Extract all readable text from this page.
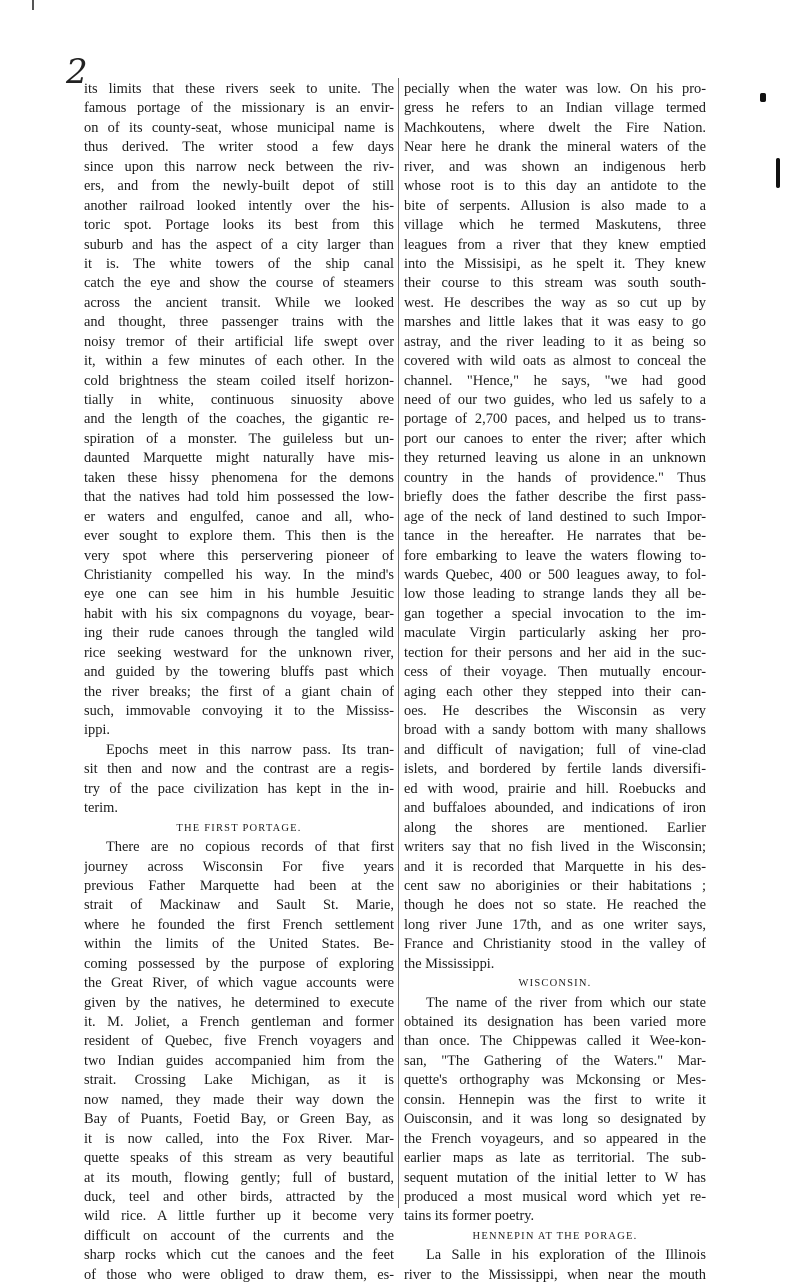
2
its limits that these rivers seek to unite. The
famous portage of the missionary is an envir-
on of its county-seat, whose municipal name is
thus derived. The writer stood a few days
since upon this narrow neck between the riv-
ers, and from the newly-built depot of still
another railroad looked intently over the his-
toric spot. Portage looks its best from this
suburb and has the aspect of a city larger than
it is. The white towers of the ship canal
catch the eye and show the course of steamers
across the ancient transit. While we looked
and thought, three passenger trains with the
noisy tremor of their artificial life swept over
it, within a few minutes of each other. In the
cold brightness the steam coiled itself horizon-
tially in white, continuous sinuosity above
and the length of the coaches, the gigantic re-
spiration of a monster. The guileless but un-
daunted Marquette might naturally have mis-
taken these hissy phenomena for the demons
that the natives had told him possessed the low-
er waters and engulfed, canoe and all, who-
ever sought to explore them. This then is the
very spot where this perservering pioneer of
Christianity compelled his way. In the mind's
eye one can see him in his humble Jesuitic
habit with his six compagnons du voyage, bear-
ing their rude canoes through the tangled wild
rice seeking westward for the unknown river,
and guided by the towering bluffs past which
the river breaks; the first of a giant chain of
such, immovable convoying it to the Mississ-
ippi.
Epochs meet in this narrow pass. Its tran-
sit then and now and the contrast are a regis-
try of the pace civilization has kept in the in-
terim.
THE FIRST PORTAGE.
There are no copious records of that first
journey across Wisconsin For five years
previous Father Marquette had been at the
strait of Mackinaw and Sault St. Marie,
where he founded the first French settlement
within the limits of the United States. Be-
coming possessed by the purpose of exploring
the Great River, of which vague accounts were
given by the natives, he determined to execute
it. M. Joliet, a French gentleman and former
resident of Quebec, five French voyagers and
two Indian guides accompanied him from the
strait. Crossing Lake Michigan, as it is
now named, they made their way down the
Bay of Puants, Foetid Bay, or Green Bay, as
it is now called, into the Fox River. Mar-
quette speaks of this stream as very beautiful
at its mouth, flowing gently; full of bustard,
duck, teel and other birds, attracted by the
wild rice. A little further up it become very
difficult on account of the currents and the
sharp rocks which cut the canoes and the feet
of those who were obliged to draw them, es-
pecially when the water was low. On his pro-
gress he refers to an Indian village termed
Machkoutens, where dwelt the Fire Nation.
Near here he drank the mineral waters of the
river, and was shown an indigenous herb
whose root is to this day an antidote to the
bite of serpents. Allusion is also made to a
village which he termed Maskutens, three
leagues from a river that they knew emptied
into the Missisipi, as he spelt it. They knew
their course to this stream was south south-
west. He describes the way as so cut up by
marshes and little lakes that it was easy to go
astray, and the river leading to it as being so
covered with wild oats as almost to conceal the
channel. "Hence," he says, "we had good
need of our two guides, who led us safely to a
portage of 2,700 paces, and helped us to trans-
port our canoes to enter the river; after which
they returned leaving us alone in an unknown
country in the hands of providence." Thus
briefly does the father describe the first pass-
age of the neck of land destined to such Impor-
tance in the hereafter. He narrates that be-
fore embarking to leave the waters flowing to-
wards Quebec, 400 or 500 leagues away, to fol-
low those leading to strange lands they all be-
gan together a special invocation to the im-
maculate Virgin particularly asking her pro-
tection for their persons and her aid in the suc-
cess of their voyage. Then mutually encour-
aging each other they stepped into their can-
oes. He describes the Wisconsin as very
broad with a sandy bottom with many shallows
and difficult of navigation; full of vine-clad
islets, and bordered by fertile lands diversifi-
ed with wood, prairie and hill. Roebucks and
and buffaloes abounded, and indications of iron
along the shores are mentioned. Earlier
writers say that no fish lived in the Wisconsin;
and it is recorded that Marquette in his des-
cent saw no aboriginies or their habitations ;
though he does not so state. He reached the
long river June 17th, and as one writer says,
France and Christianity stood in the valley of
the Mississippi.
WISCONSIN.
The name of the river from which our state
obtained its designation has been varied more
than once. The Chippewas called it Wee-kon-
san, "The Gathering of the Waters." Mar-
quette's orthography was Mckonsing or Mes-
consin. Hennepin was the first to write it
Ouisconsin, and it was long so designated by
the French voyageurs, and so appeared in the
earlier maps as late as territorial. The sub-
sequent mutation of the initial letter to W has
produced a most musical word which yet re-
tains its former poetry.
HENNEPIN AT THE PORAGE.
La Salle in his exploration of the Illinois
river to the Mississippi, when near the mouth
